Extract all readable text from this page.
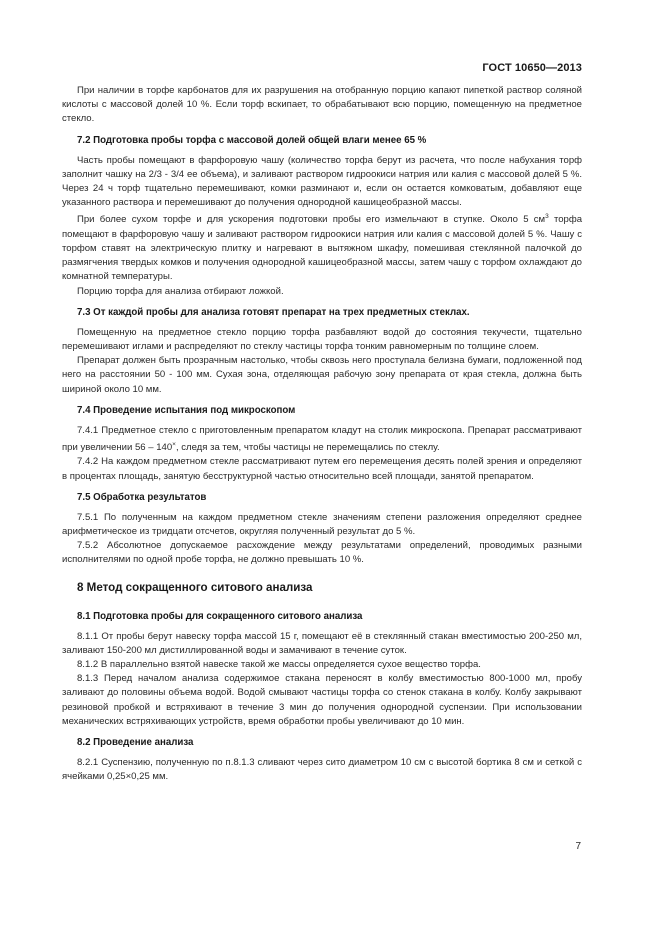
ГОСТ 10650—2013

При наличии в торфе карбонатов для их разрушения на отобранную порцию капают пипеткой раствор соляной кислоты с массовой долей 10 %. Если торф вскипает, то обрабатывают всю порцию, помещенную на предметное стекло.

7.2 Подготовка пробы торфа с массовой долей общей влаги менее 65 %

Часть пробы помещают в фарфоровую чашу (количество торфа берут из расчета, что после набухания торф заполнит чашку на 2/3 - 3/4 ее объема), и заливают раствором гидроокиси натрия или калия с массовой долей 5 %. Через 24 ч торф тщательно перемешивают, комки разминают и, если он остается комковатым, добавляют еще указанного раствора и перемешивают до получения однородной кашицеобразной массы.

При более сухом торфе и для ускорения подготовки пробы его измельчают в ступке. Около 5 $см^3$ торфа помещают в фарфоровую чашу и заливают раствором гидроокиси натрия или калия с массовой долей 5 %. Чашу с торфом ставят на электрическую плитку и нагревают в вытяжном шкафу, помешивая стеклянной палочкой до размягчения твердых комков и получения однородной кашицеобразной массы, затем чашу с торфом охлаждают до комнатной температуры.

Порцию торфа для анализа отбирают ложкой.

7.3 От каждой пробы для анализа готовят препарат на трех предметных стеклах.

Помещенную на предметное стекло порцию торфа разбавляют водой до состояния текучести, тщательно перемешивают иглами и распределяют по стеклу частицы торфа тонким равномерным по толщине слоем.

Препарат должен быть прозрачным настолько, чтобы сквозь него проступала белизна бумаги, подложенной под него на расстоянии 50 - 100 мм. Сухая зона, отделяющая рабочую зону препарата от края стекла, должна быть шириной около 10 мм.

7.4 Проведение испытания под микроскопом

7.4.1 Предметное стекло с приготовленным препаратом кладут на столик микроскопа. Препарат рассматривают при увеличении 56 – 140×, следя за тем, чтобы частицы не перемещались по стеклу.

7.4.2 На каждом предметном стекле рассматривают путем его перемещения десять полей зрения и определяют в процентах площадь, занятую бесструктурной частью относительно всей площади, занятой препаратом.

7.5 Обработка результатов

7.5.1 По полученным на каждом предметном стекле значениям степени разложения определяют среднее арифметическое из тридцати отсчетов, округляя полученный результат до 5 %.

7.5.2 Абсолютное допускаемое расхождение между результатами определений, проводимых разными исполнителями по одной пробе торфа, не должно превышать 10 %.

8 Метод сокращенного ситового анализа
8.1 Подготовка пробы для сокращенного ситового анализа

8.1.1 От пробы берут навеску торфа массой 15 г, помещают её в стеклянный стакан вместимостью 200-250 мл, заливают 150-200 мл дистиллированной воды и замачивают в течение суток.

8.1.2 В параллельно взятой навеске такой же массы определяется сухое вещество торфа.

8.1.3 Перед началом анализа содержимое стакана переносят в колбу вместимостью 800-1000 мл, пробу заливают до половины объема водой. Водой смывают частицы торфа со стенок стакана в колбу. Колбу закрывают резиновой пробкой и встряхивают в течение 3 мин до получения однородной суспензии. При использовании механических встряхивающих устройств, время обработки пробы увеличивают до 10 мин.

8.2 Проведение анализа

8.2.1 Суспензию, полученную по п.8.1.3 сливают через сито диаметром 10 см с высотой бортика 8 см и сеткой с ячейками 0,25×0,25 мм.

7
